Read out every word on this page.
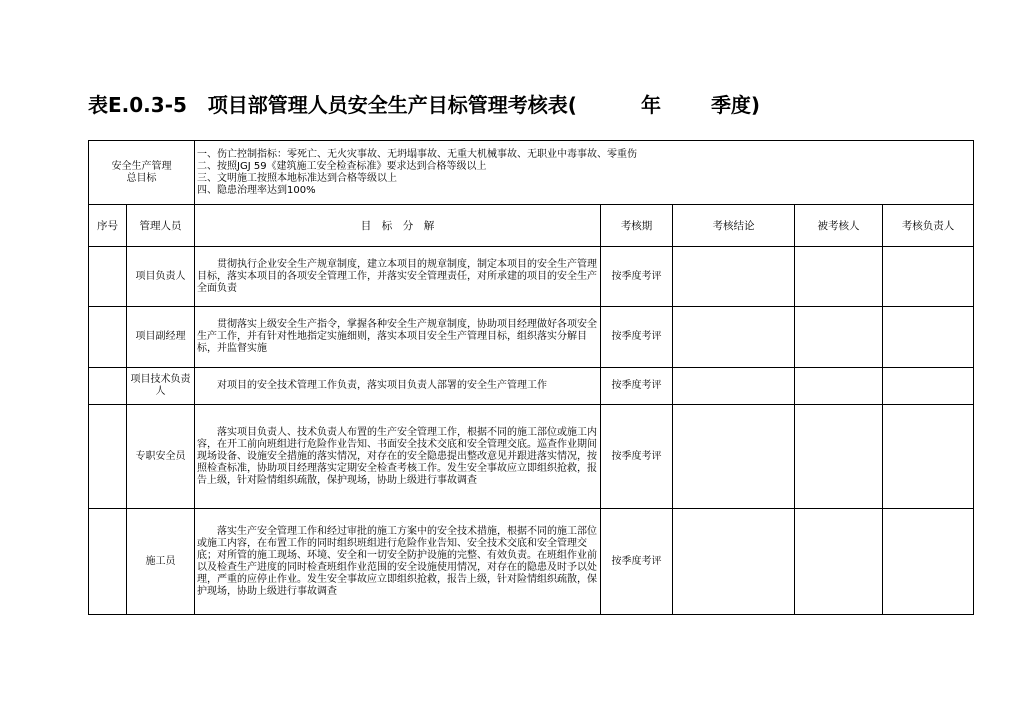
表E.0.3-5 项目部管理人员安全生产目标管理考核表(	年	季度)
安全生产管理
总目标		一、伤亡控制指标：零死亡、无火灾事故、无坍塌事故、无重大机械事故、无职业中毒事故、零重伤
二、按照JGJ 59《建筑施工安全检查标准》要求达到合格等级以上
三、文明施工按照本地标准达到合格等级以上
四、隐患治理率达到100%				

序号	管理人员	目　标　分　解	考核期	考核结论	被考核人	考核负责人
	项目负责人	贯彻执行企业安全生产规章制度，建立本项目的规章制度，制定本项目的安全生产管理目标，落实本项目的各项安全管理工作，并落实安全管理责任，对所承建的项目的安全生产全面负责	按季度考评			
	项目副经理	贯彻落实上级安全生产指令，掌握各种安全生产规章制度，协助项目经理做好各项安全生产工作，并有针对性地指定实施细则，落实本项目安全生产管理目标，组织落实分解目标，并监督实施	按季度考评			
	项目技术负责人	对项目的安全技术管理工作负责，落实项目负责人部署的安全生产管理工作	按季度考评			
	专职安全员	落实项目负责人、技术负责人布置的生产安全管理工作，根据不同的施工部位或施工内容，在开工前向班组进行危险作业告知、书面安全技术交底和安全管理交底。巡查作业期间现场设备、设施安全措施的落实情况，对存在的安全隐患提出整改意见并跟进落实情况，按照检查标准，协助项目经理落实定期安全检查考核工作。发生安全事故应立即组织抢救，报告上级，针对险情组织疏散，保护现场，协助上级进行事故调查	按季度考评			
	施工员	落实生产安全管理工作和经过审批的施工方案中的安全技术措施，根据不同的施工部位或施工内容，在布置工作的同时组织班组进行危险作业告知、安全技术交底和安全管理交底；对所管的施工现场、环境、安全和一切安全防护设施的完整、有效负责。在班组作业前以及检查生产进度的同时检查班组作业范围的安全设施使用情况，对存在的隐患及时予以处理，严重的应停止作业。发生安全事故应立即组织抢救，报告上级，针对险情组织疏散，保护现场，协助上级进行事故调查	按季度考评			
